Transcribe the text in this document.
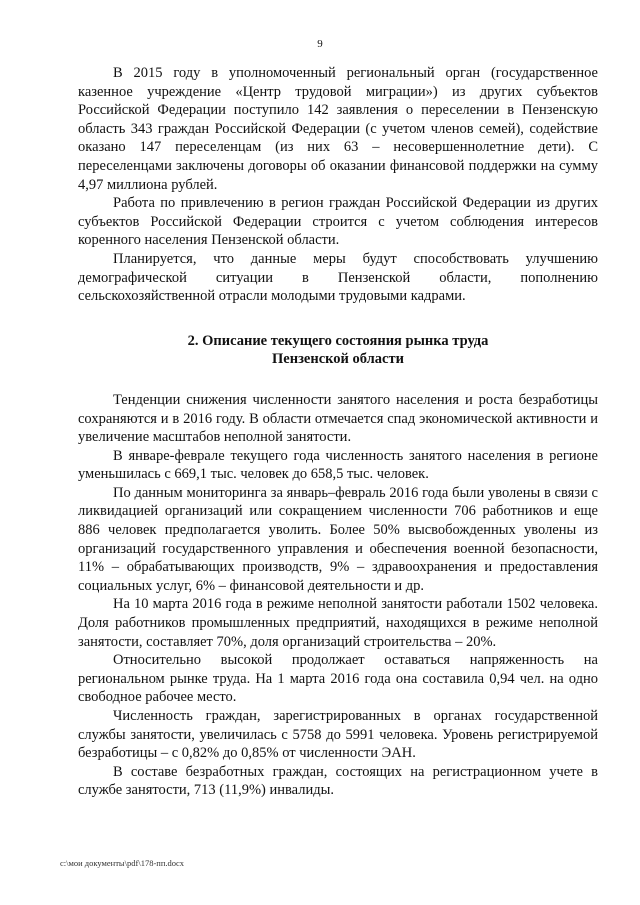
9

В 2015 году в уполномоченный региональный орган (государственное казенное учреждение «Центр трудовой миграции») из других субъектов Российской Федерации поступило 142 заявления о переселении в Пензенскую область 343 граждан Российской Федерации (с учетом членов семей), содействие оказано 147 переселенцам (из них 63 – несовершеннолетние дети). С переселенцами заключены договоры об оказании финансовой поддержки на сумму 4,97 миллиона рублей.

Работа по привлечению в регион граждан Российской Федерации из других субъектов Российской Федерации строится с учетом соблюдения интересов коренного населения Пензенской области.

Планируется, что данные меры будут способствовать улучшению демографической ситуации в Пензенской области, пополнению сельскохозяйственной отрасли молодыми трудовыми кадрами.

2. Описание текущего состояния рынка труда
Пензенской области

Тенденции снижения численности занятого населения и роста безработицы сохраняются и в 2016 году. В области отмечается спад экономической активности и увеличение масштабов неполной занятости.

В январе-феврале текущего года численность занятого населения в регионе уменьшилась с 669,1 тыс. человек до 658,5 тыс. человек.

По данным мониторинга за январь–февраль 2016 года были уволены в связи с ликвидацией организаций или сокращением численности 706 работников и еще 886 человек предполагается уволить. Более 50% высвобожденных уволены из организаций государственного управления и обеспечения военной безопасности, 11% – обрабатывающих производств, 9% – здравоохранения и предоставления социальных услуг, 6% – финансовой деятельности и др.

На 10 марта 2016 года в режиме неполной занятости работали 1502 человека. Доля работников промышленных предприятий, находящихся в режиме неполной занятости, составляет 70%, доля организаций строительства – 20%.

Относительно высокой продолжает оставаться напряженность на региональном рынке труда. На 1 марта 2016 года она составила 0,94 чел. на одно свободное рабочее место.

Численность граждан, зарегистрированных в органах государственной службы занятости, увеличилась с 5758 до 5991 человека. Уровень регистрируемой безработицы – с 0,82% до 0,85% от численности ЭАН.

В составе безработных граждан, состоящих на регистрационном учете в службе занятости, 713 (11,9%) инвалиды.

c:\мои документы\pdf\178-пп.docx
